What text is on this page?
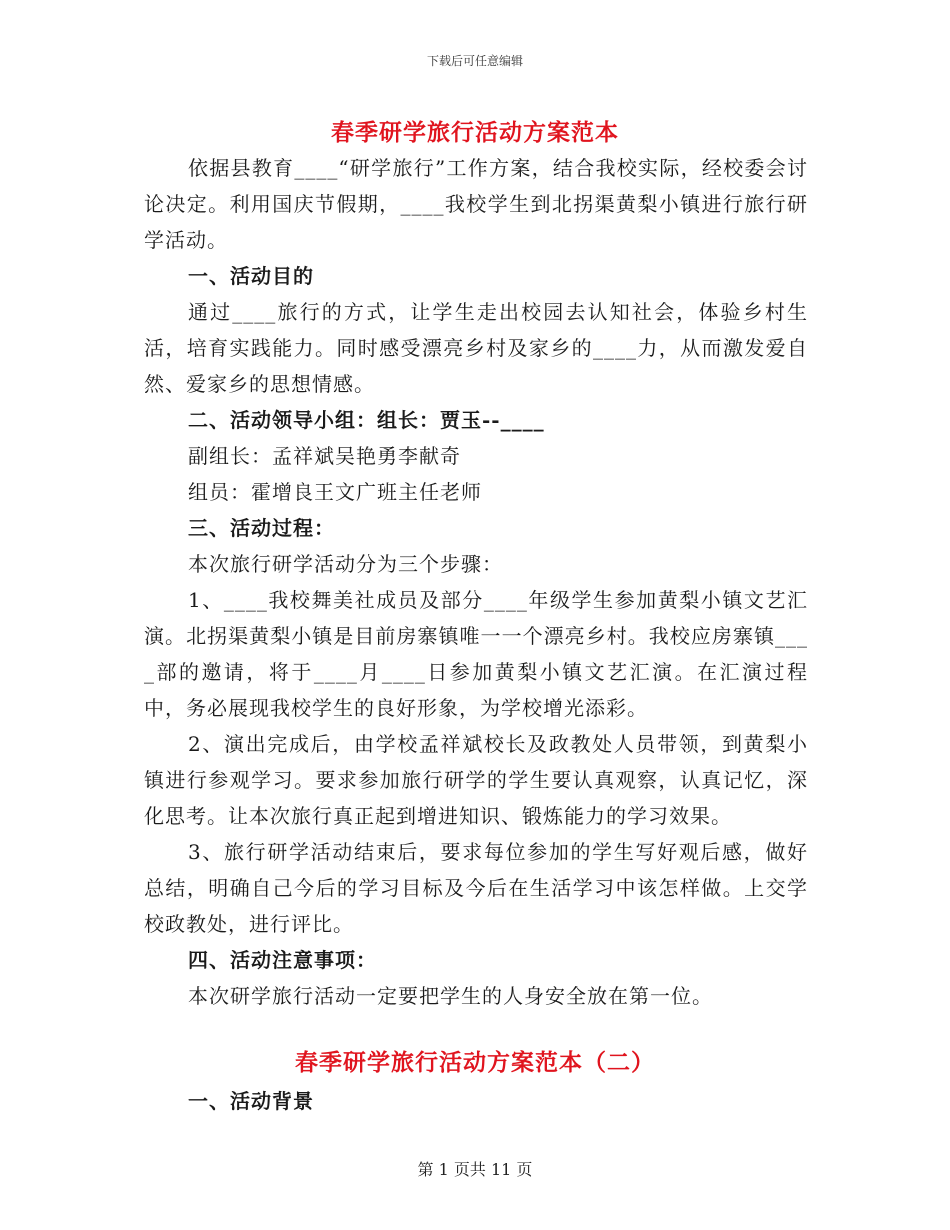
下载后可任意编辑
春季研学旅行活动方案范本

依据县教育____“研学旅行”工作方案，结合我校实际，经校委会讨论决定。利用国庆节假期，____我校学生到北拐渠黄梨小镇进行旅行研学活动。

一、活动目的

通过____旅行的方式，让学生走出校园去认知社会，体验乡村生活，培育实践能力。同时感受漂亮乡村及家乡的____力，从而激发爱自然、爱家乡的思想情感。

二、活动领导小组：组长：贾玉--____

副组长：孟祥斌吴艳勇李献奇

组员：霍增良王文广班主任老师

三、活动过程：

本次旅行研学活动分为三个步骤：

1、____我校舞美社成员及部分____年级学生参加黄梨小镇文艺汇演。北拐渠黄梨小镇是目前房寨镇唯一一个漂亮乡村。我校应房寨镇____部的邀请，将于____月____日参加黄梨小镇文艺汇演。在汇演过程中，务必展现我校学生的良好形象，为学校增光添彩。

2、演出完成后，由学校孟祥斌校长及政教处人员带领，到黄梨小镇进行参观学习。要求参加旅行研学的学生要认真观察，认真记忆，深化思考。让本次旅行真正起到增进知识、锻炼能力的学习效果。

3、旅行研学活动结束后，要求每位参加的学生写好观后感，做好总结，明确自己今后的学习目标及今后在生活学习中该怎样做。上交学校政教处，进行评比。

四、活动注意事项：

本次研学旅行活动一定要把学生的人身安全放在第一位。

春季研学旅行活动方案范本（二）

一、活动背景

第 1 页共 11 页
